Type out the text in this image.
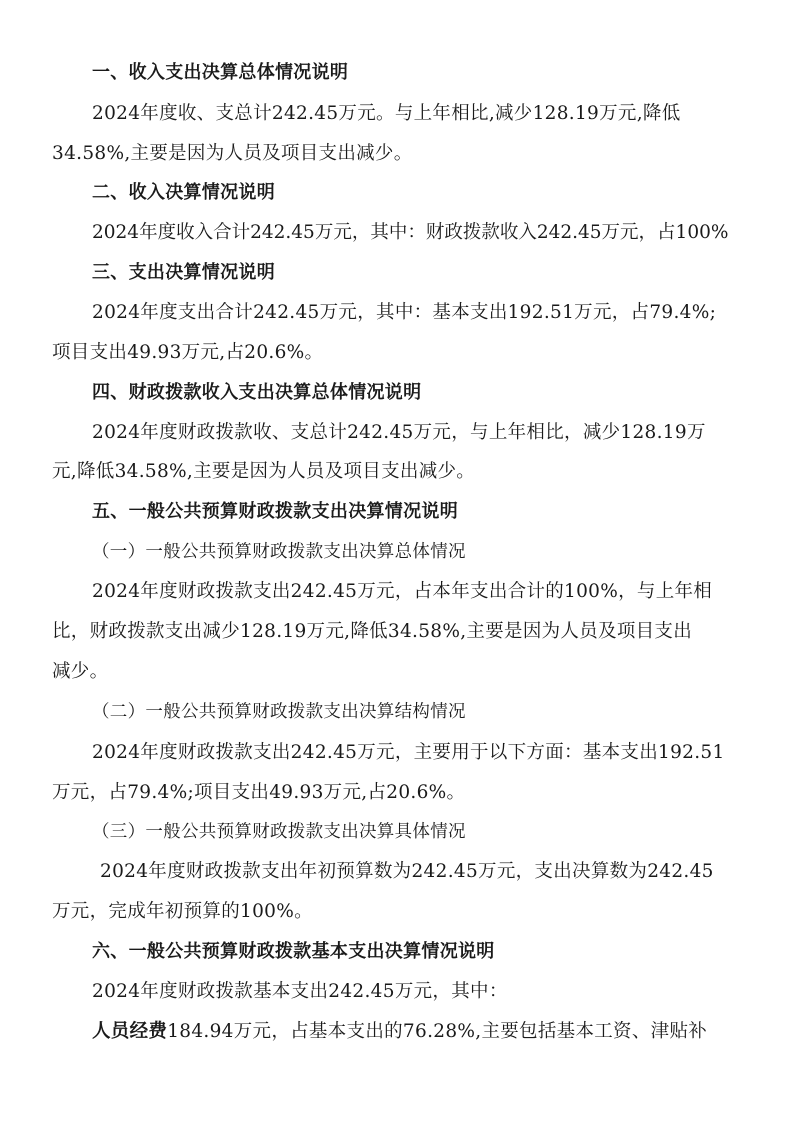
一、收入支出决算总体情况说明
2024年度收、支总计242.45万元。与上年相比,减少128.19万元,降低
34.58%,主要是因为人员及项目支出减少。
二、收入决算情况说明
2024年度收入合计242.45万元，其中：财政拨款收入242.45万元，占100%
三、支出决算情况说明
2024年度支出合计242.45万元，其中：基本支出192.51万元，占79.4%;
项目支出49.93万元,占20.6%。
四、财政拨款收入支出决算总体情况说明
2024年度财政拨款收、支总计242.45万元，与上年相比，减少128.19万
元,降低34.58%,主要是因为人员及项目支出减少。
五、一般公共预算财政拨款支出决算情况说明
（一）一般公共预算财政拨款支出决算总体情况
2024年度财政拨款支出242.45万元，占本年支出合计的100%，与上年相
比，财政拨款支出减少128.19万元,降低34.58%,主要是因为人员及项目支出
减少。
（二）一般公共预算财政拨款支出决算结构情况
2024年度财政拨款支出242.45万元，主要用于以下方面：基本支出192.51
万元，占79.4%;项目支出49.93万元,占20.6%。
（三）一般公共预算财政拨款支出决算具体情况
2024年度财政拨款支出年初预算数为242.45万元，支出决算数为242.45
万元，完成年初预算的100%。
六、一般公共预算财政拨款基本支出决算情况说明
2024年度财政拨款基本支出242.45万元，其中：
人员经费184.94万元，占基本支出的76.28%,主要包括基本工资、津贴补
